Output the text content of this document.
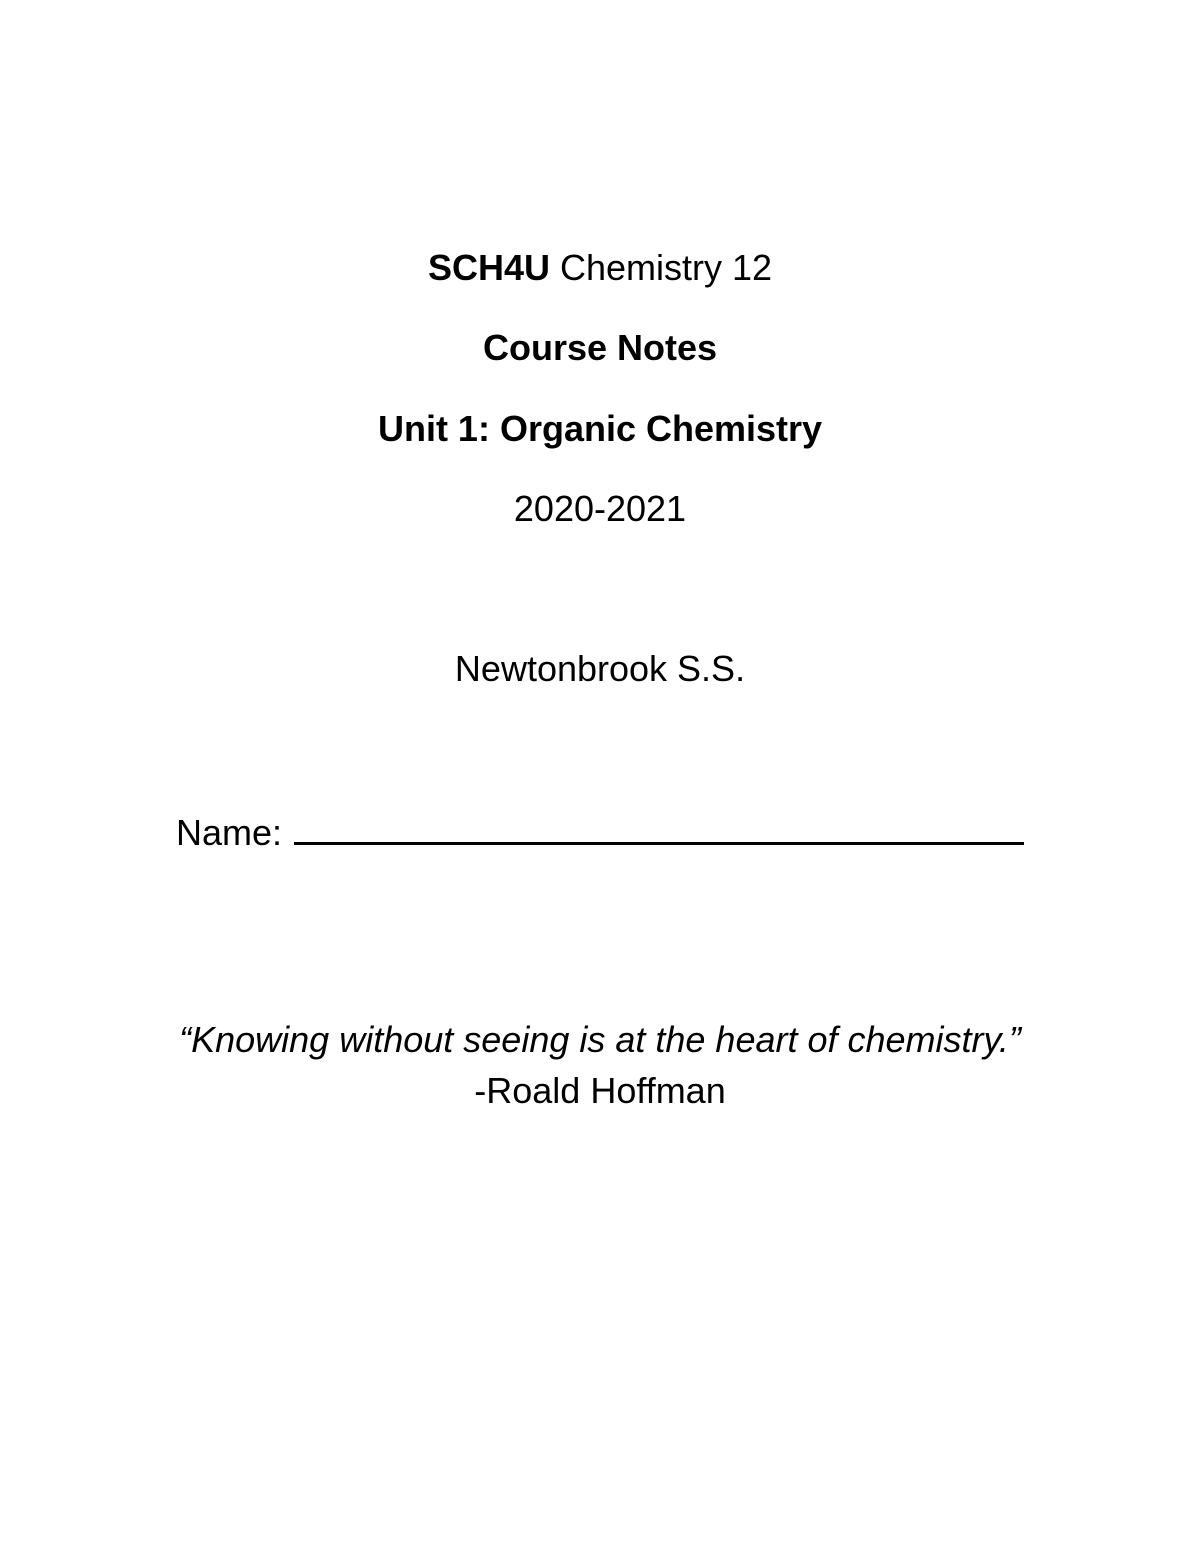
SCH4U Chemistry 12
Course Notes
Unit 1: Organic Chemistry
2020-2021
Newtonbrook S.S.
Name:
“Knowing without seeing is at the heart of chemistry.”
-Roald Hoffman
